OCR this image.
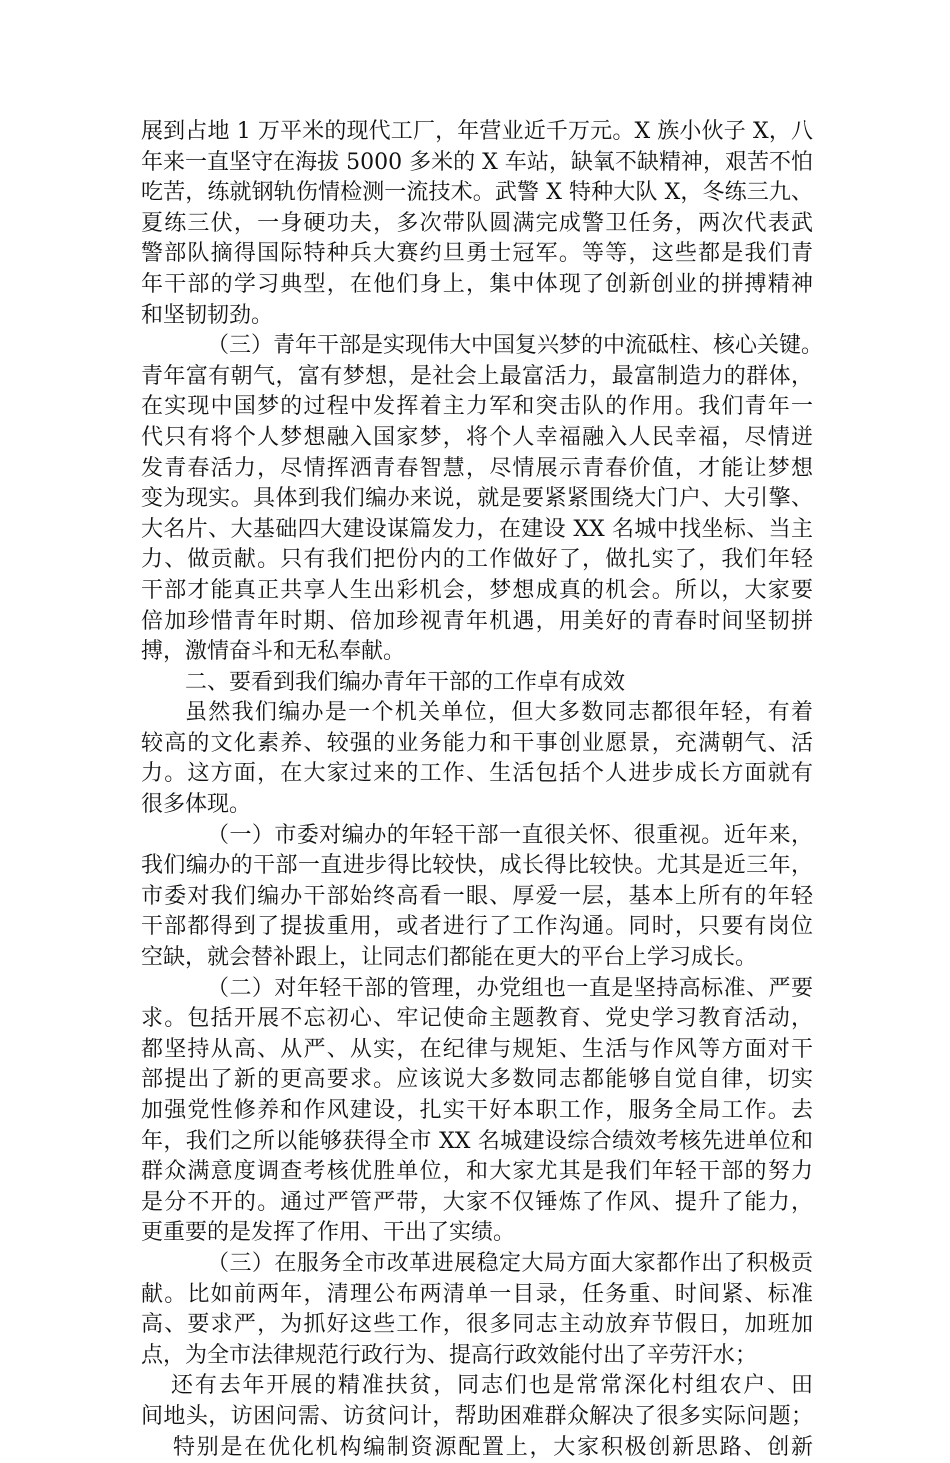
展到占地 1 万平米的现代工厂，年营业近千万元。X 族小伙子 X，八
年来一直坚守在海拔 5000 多米的 X 车站，缺氧不缺精神，艰苦不怕
吃苦，练就钢轨伤情检测一流技术。武警 X 特种大队 X，冬练三九、
夏练三伏，一身硬功夫，多次带队圆满完成警卫任务，两次代表武
警部队摘得国际特种兵大赛约旦勇士冠军。等等，这些都是我们青
年干部的学习典型，在他们身上，集中体现了创新创业的拼搏精神
和坚韧韧劲。
（三）青年干部是实现伟大中国复兴梦的中流砥柱、核心关键。
青年富有朝气，富有梦想，是社会上最富活力，最富制造力的群体，
在实现中国梦的过程中发挥着主力军和突击队的作用。我们青年一
代只有将个人梦想融入国家梦，将个人幸福融入人民幸福，尽情迸
发青春活力，尽情挥洒青春智慧，尽情展示青春价值，才能让梦想
变为现实。具体到我们编办来说，就是要紧紧围绕大门户、大引擎、
大名片、大基础四大建设谋篇发力，在建设 XX 名城中找坐标、当主
力、做贡献。只有我们把份内的工作做好了，做扎实了，我们年轻
干部才能真正共享人生出彩机会，梦想成真的机会。所以，大家要
倍加珍惜青年时期、倍加珍视青年机遇，用美好的青春时间坚韧拼
搏，激情奋斗和无私奉献。
二、要看到我们编办青年干部的工作卓有成效
虽然我们编办是一个机关单位，但大多数同志都很年轻，有着
较高的文化素养、较强的业务能力和干事创业愿景，充满朝气、活
力。这方面，在大家过来的工作、生活包括个人进步成长方面就有
很多体现。
（一）市委对编办的年轻干部一直很关怀、很重视。近年来，
我们编办的干部一直进步得比较快，成长得比较快。尤其是近三年，
市委对我们编办干部始终高看一眼、厚爱一层，基本上所有的年轻
干部都得到了提拔重用，或者进行了工作沟通。同时，只要有岗位
空缺，就会替补跟上，让同志们都能在更大的平台上学习成长。
（二）对年轻干部的管理，办党组也一直是坚持高标准、严要
求。包括开展不忘初心、牢记使命主题教育、党史学习教育活动，
都坚持从高、从严、从实，在纪律与规矩、生活与作风等方面对干
部提出了新的更高要求。应该说大多数同志都能够自觉自律，切实
加强党性修养和作风建设，扎实干好本职工作，服务全局工作。去
年，我们之所以能够获得全市 XX 名城建设综合绩效考核先进单位和
群众满意度调查考核优胜单位，和大家尤其是我们年轻干部的努力
是分不开的。通过严管严带，大家不仅锤炼了作风、提升了能力，
更重要的是发挥了作用、干出了实绩。
（三）在服务全市改革进展稳定大局方面大家都作出了积极贡
献。比如前两年，清理公布两清单一目录，任务重、时间紧、标准
高、要求严，为抓好这些工作，很多同志主动放弃节假日，加班加
点，为全市法律规范行政行为、提高行政效能付出了辛劳汗水；
还有去年开展的精准扶贫，同志们也是常常深化村组农户、田
间地头，访困问需、访贫问计，帮助困难群众解决了很多实际问题；
特别是在优化机构编制资源配置上，大家积极创新思路、创新
